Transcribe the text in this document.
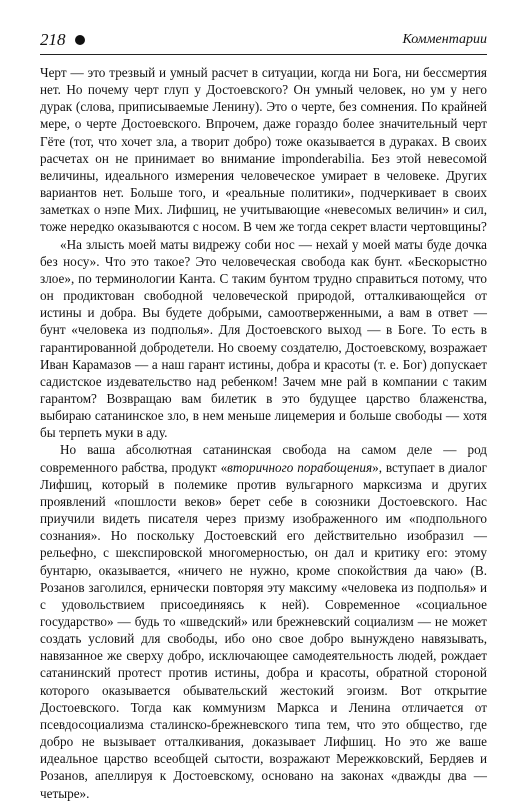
218	Комментарии

Черт — это трезвый и умный расчет в ситуации, когда ни Бога, ни бессмертия нет. Но почему черт глуп у Достоевского? Он умный человек, но ум у него дурак (слова, приписываемые Ленину). Это о черте, без сомнения. По крайней мере, о черте Достоевского. Впрочем, даже гораздо более значительный черт Гёте (тот, что хочет зла, а творит добро) тоже оказывается в дураках. В своих расчетах он не принимает во внимание imponderabilia. Без этой невесомой величины, идеального измерения человеческое умирает в человеке. Других вариантов нет. Больше того, и «реальные политики», подчеркивает в своих заметках о нэпе Мих. Лифшиц, не учитывающие «невесомых величин» и сил, тоже нередко оказываются с носом. В чем же тогда секрет власти чертовщины?

«На злысть моей маты видрежу соби нос — нехай у моей маты буде дочка без носу». Что это такое? Это человеческая свобода как бунт. «Бескорыстно злое», по терминологии Канта. С таким бунтом трудно справиться потому, что он продиктован свободной человеческой природой, отталкивающейся от истины и добра. Вы будете добрыми, самоотверженными, а вам в ответ — бунт «человека из подполья». Для Достоевского выход — в Боге. То есть в гарантированной добродетели. Но своему создателю, Достоевскому, возражает Иван Карамазов — а наш гарант истины, добра и красоты (т. е. Бог) допускает садистское издевательство над ребенком! Зачем мне рай в компании с таким гарантом? Возвращаю вам билетик в это будущее царство блаженства, выбираю сатанинское зло, в нем меньше лицемерия и больше свободы — хотя бы терпеть муки в аду.

Но ваша абсолютная сатанинская свобода на самом деле — род современного рабства, продукт «вторичного порабощения», вступает в диалог Лифшиц, который в полемике против вульгарного марксизма и других проявлений «пошлости веков» берет себе в союзники Достоевского. Нас приучили видеть писателя через призму изображенного им «подпольного сознания». Но поскольку Достоевский его действительно изобразил — рельефно, с шекспировской многомерностью, он дал и критику его: этому бунтарю, оказывается, «ничего не нужно, кроме спокойствия да чаю» (В. Розанов заголился, ернически повторяя эту максиму «человека из подполья» и с удовольствием присоединяясь к ней). Современное «социальное государство» — будь то «шведский» или брежневский социализм — не может создать условий для свободы, ибо оно свое добро вынуждено навязывать, навязанное же сверху добро, исключающее самодеятельность людей, рождает сатанинский протест против истины, добра и красоты, обратной стороной которого оказывается обывательский жестокий эгоизм. Вот открытие Достоевского. Тогда как коммунизм Маркса и Ленина отличается от псевдосоциализма сталинско-брежневского типа тем, что это общество, где добро не вызывает отталкивания, доказывает Лифшиц. Но это же ваше идеальное царство всеобщей сытости, возражают Мережковский, Бердяев и Розанов, апеллируя к Достоевскому, основано на законах «дважды два — четыре».
